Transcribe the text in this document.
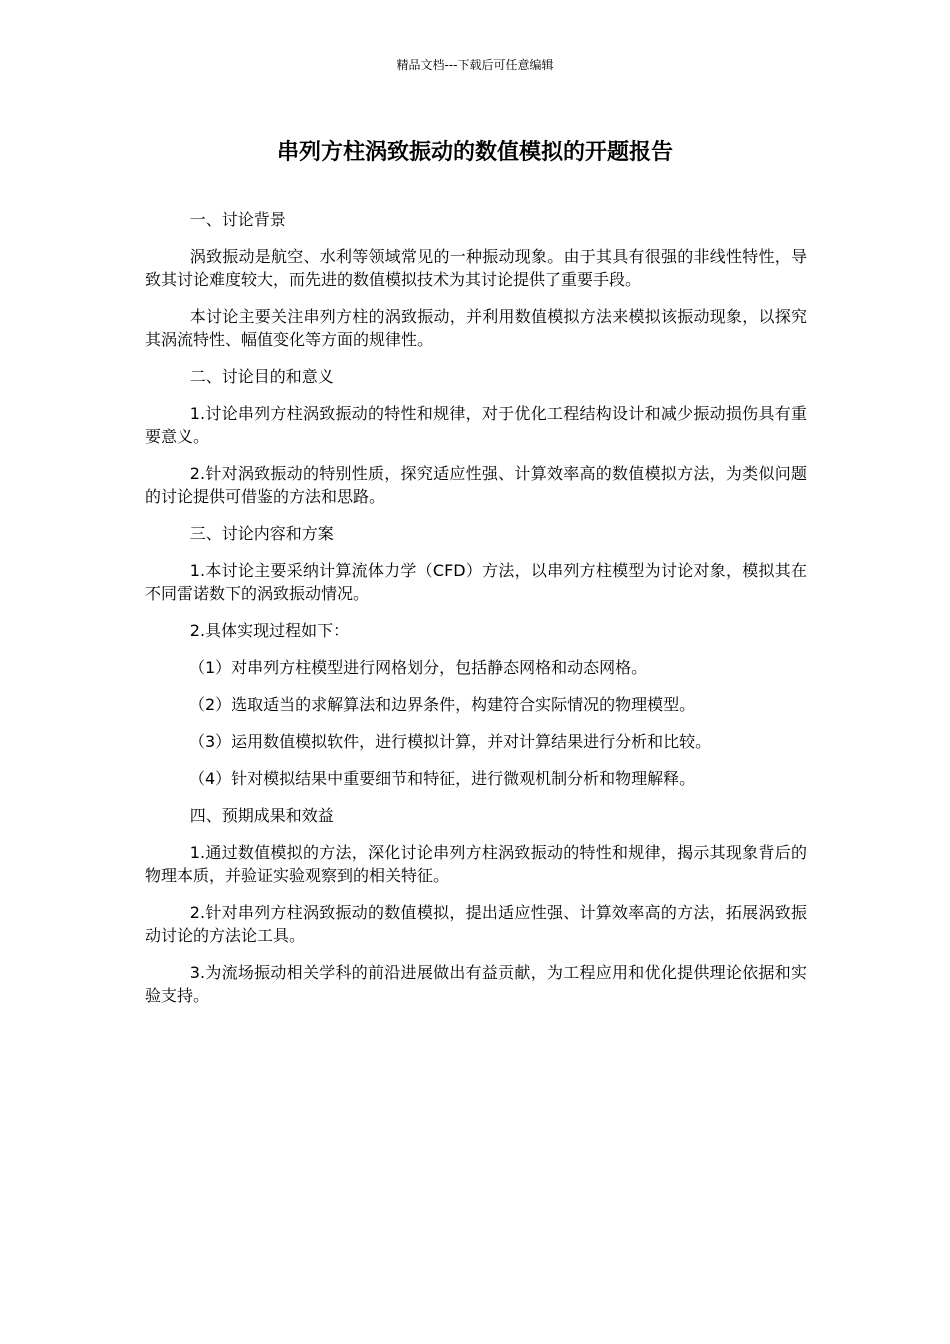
精品文档---下载后可任意编辑
串列方柱涡致振动的数值模拟的开题报告

一、讨论背景

涡致振动是航空、水利等领域常见的一种振动现象。由于其具有很强的非线性特性，导致其讨论难度较大，而先进的数值模拟技术为其讨论提供了重要手段。

本讨论主要关注串列方柱的涡致振动，并利用数值模拟方法来模拟该振动现象，以探究其涡流特性、幅值变化等方面的规律性。

二、讨论目的和意义

1.讨论串列方柱涡致振动的特性和规律，对于优化工程结构设计和减少振动损伤具有重要意义。

2.针对涡致振动的特别性质，探究适应性强、计算效率高的数值模拟方法，为类似问题的讨论提供可借鉴的方法和思路。

三、讨论内容和方案

1.本讨论主要采纳计算流体力学（CFD）方法，以串列方柱模型为讨论对象，模拟其在不同雷诺数下的涡致振动情况。

2.具体实现过程如下：

（1）对串列方柱模型进行网格划分，包括静态网格和动态网格。

（2）选取适当的求解算法和边界条件，构建符合实际情况的物理模型。

（3）运用数值模拟软件，进行模拟计算，并对计算结果进行分析和比较。

（4）针对模拟结果中重要细节和特征，进行微观机制分析和物理解释。

四、预期成果和效益

1.通过数值模拟的方法，深化讨论串列方柱涡致振动的特性和规律，揭示其现象背后的物理本质，并验证实验观察到的相关特征。

2.针对串列方柱涡致振动的数值模拟，提出适应性强、计算效率高的方法，拓展涡致振动讨论的方法论工具。

3.为流场振动相关学科的前沿进展做出有益贡献，为工程应用和优化提供理论依据和实验支持。
